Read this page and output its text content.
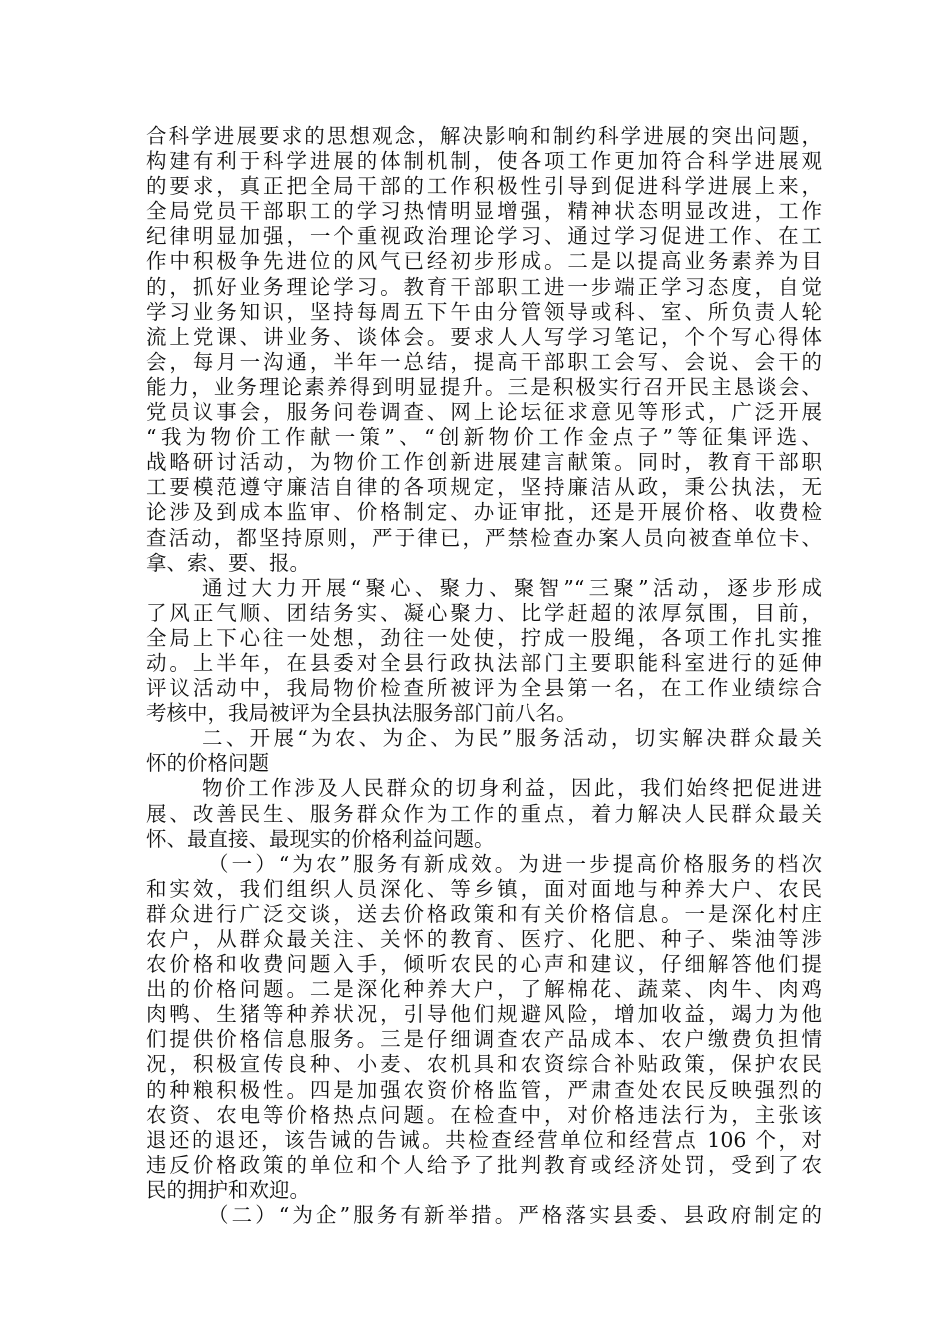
合科学进展要求的思想观念，解决影响和制约科学进展的突出问题，
构建有利于科学进展的体制机制，使各项工作更加符合科学进展观
的要求，真正把全局干部的工作积极性引导到促进科学进展上来，
全局党员干部职工的学习热情明显增强，精神状态明显改进，工作
纪律明显加强，一个重视政治理论学习、通过学习促进工作、在工
作中积极争先进位的风气已经初步形成。二是以提高业务素养为目
的，抓好业务理论学习。教育干部职工进一步端正学习态度，自觉
学习业务知识，坚持每周五下午由分管领导或科、室、所负责人轮
流上党课、讲业务、谈体会。要求人人写学习笔记，个个写心得体
会，每月一沟通，半年一总结，提高干部职工会写、会说、会干的
能力，业务理论素养得到明显提升。三是积极实行召开民主恳谈会、
党员议事会，服务问卷调查、网上论坛征求意见等形式，广泛开展
“我为物价工作献一策”、“创新物价工作金点子”等征集评选、
战略研讨活动，为物价工作创新进展建言献策。同时，教育干部职
工要模范遵守廉洁自律的各项规定，坚持廉洁从政，秉公执法，无
论涉及到成本监审、价格制定、办证审批，还是开展价格、收费检
查活动，都坚持原则，严于律已，严禁检查办案人员向被查单位卡、
拿、索、要、报。
通过大力开展“聚心、聚力、聚智”“三聚”活动，逐步形成
了风正气顺、团结务实、凝心聚力、比学赶超的浓厚氛围，目前，
全局上下心往一处想，劲往一处使，拧成一股绳，各项工作扎实推
动。上半年，在县委对全县行政执法部门主要职能科室进行的延伸
评议活动中，我局物价检查所被评为全县第一名，在工作业绩综合
考核中，我局被评为全县执法服务部门前八名。
二、开展“为农、为企、为民”服务活动，切实解决群众最关
怀的价格问题
物价工作涉及人民群众的切身利益，因此，我们始终把促进进
展、改善民生、服务群众作为工作的重点，着力解决人民群众最关
怀、最直接、最现实的价格利益问题。
（一）“为农”服务有新成效。为进一步提高价格服务的档次
和实效，我们组织人员深化、等乡镇，面对面地与种养大户、农民
群众进行广泛交谈，送去价格政策和有关价格信息。一是深化村庄
农户，从群众最关注、关怀的教育、医疗、化肥、种子、柴油等涉
农价格和收费问题入手，倾听农民的心声和建议，仔细解答他们提
出的价格问题。二是深化种养大户，了解棉花、蔬菜、肉牛、肉鸡
肉鸭、生猪等种养状况，引导他们规避风险，增加收益，竭力为他
们提供价格信息服务。三是仔细调查农产品成本、农户缴费负担情
况，积极宣传良种、小麦、农机具和农资综合补贴政策，保护农民
的种粮积极性。四是加强农资价格监管，严肃查处农民反映强烈的
农资、农电等价格热点问题。在检查中，对价格违法行为，主张该
退还的退还，该告诫的告诫。共检查经营单位和经营点 106 个，对
违反价格政策的单位和个人给予了批判教育或经济处罚，受到了农
民的拥护和欢迎。
（二）“为企”服务有新举措。严格落实县委、县政府制定的
